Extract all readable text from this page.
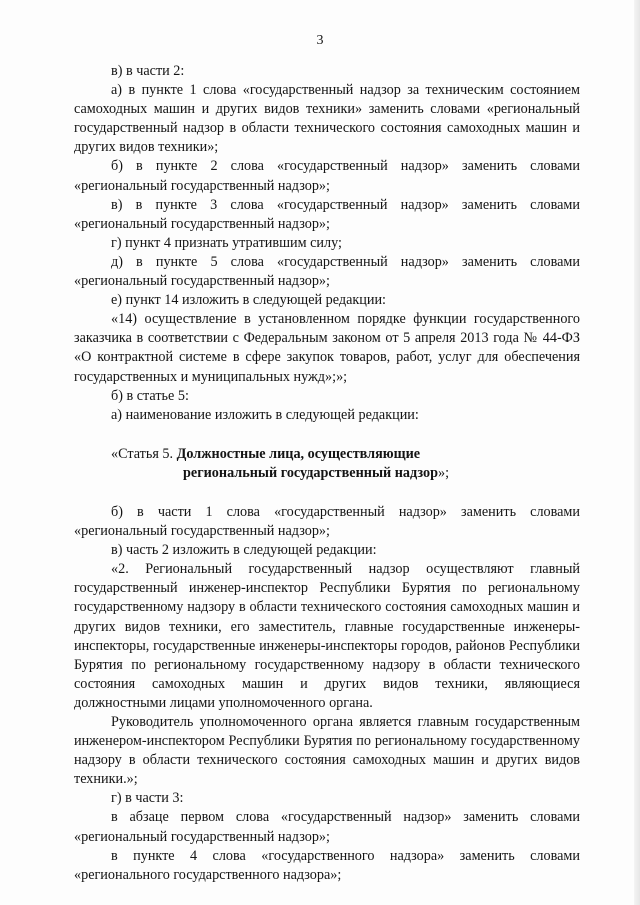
3

в) в части 2:

а) в пункте 1 слова «государственный надзор за техническим состоянием самоходных машин и других видов техники» заменить словами «региональный государственный надзор в области технического состояния самоходных машин и других видов техники»;

б) в пункте 2 слова «государственный надзор» заменить словами «региональный государственный надзор»;

в) в пункте 3 слова «государственный надзор» заменить словами «региональный государственный надзор»;

г) пункт 4 признать утратившим силу;

д) в пункте 5 слова «государственный надзор» заменить словами «региональный государственный надзор»;

е) пункт 14 изложить в следующей редакции:

«14) осуществление в установленном порядке функции государственного заказчика в соответствии с Федеральным законом от 5 апреля 2013 года № 44-ФЗ «О контрактной системе в сфере закупок товаров, работ, услуг для обеспечения государственных и муниципальных нужд»;»;

б) в статье 5:

а) наименование изложить в следующей редакции:

«Статья 5. Должностные лица, осуществляющие
региональный государственный надзор»;

б) в части 1 слова «государственный надзор» заменить словами «региональный государственный надзор»;

в) часть 2 изложить в следующей редакции:

«2. Региональный государственный надзор осуществляют главный государственный инженер-инспектор Республики Бурятия по региональному государственному надзору в области технического состояния самоходных машин и других видов техники, его заместитель, главные государственные инженеры-инспекторы, государственные инженеры-инспекторы городов, районов Республики Бурятия по региональному государственному надзору в области технического состояния самоходных машин и других видов техники, являющиеся должностными лицами уполномоченного органа.

Руководитель уполномоченного органа является главным государственным инженером-инспектором Республики Бурятия по региональному государственному надзору в области технического состояния самоходных машин и других видов техники.»;

г) в части 3:

в абзаце первом слова «государственный надзор» заменить словами «региональный государственный надзор»;

в пункте 4 слова «государственного надзора» заменить словами «регионального государственного надзора»;
